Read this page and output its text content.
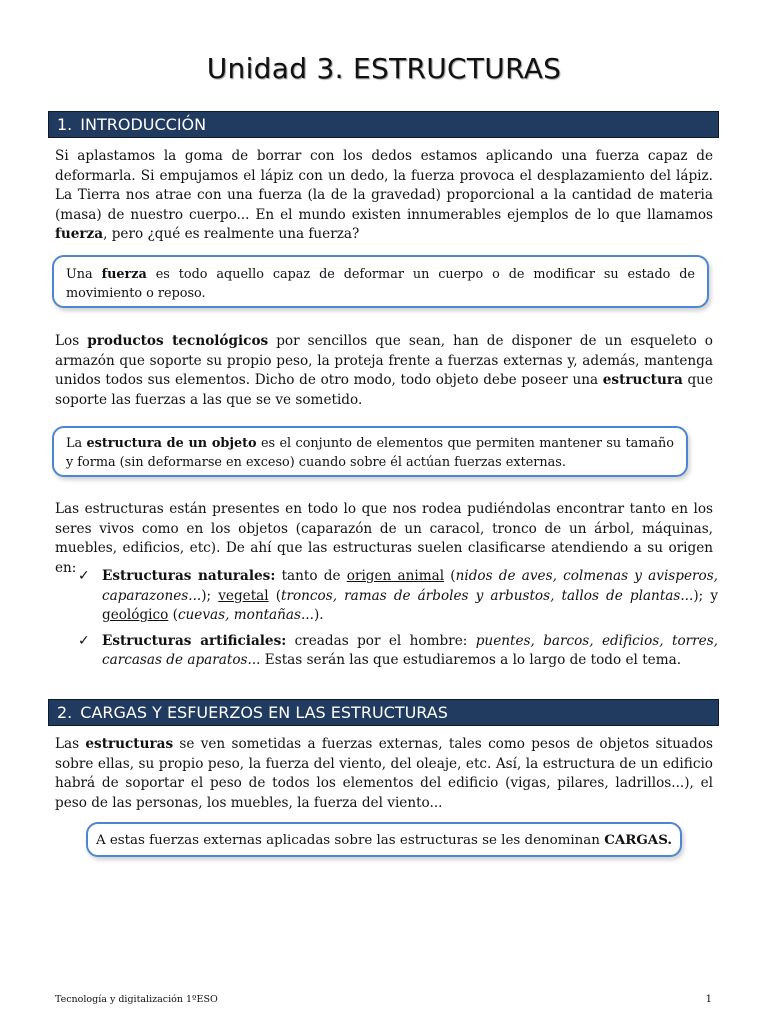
Unidad 3. ESTRUCTURAS
1. INTRODUCCIÓN
Si aplastamos la goma de borrar con los dedos estamos aplicando una fuerza capaz de deformarla. Si empujamos el lápiz con un dedo, la fuerza provoca el desplazamiento del lápiz. La Tierra nos atrae con una fuerza (la de la gravedad) proporcional a la cantidad de materia (masa) de nuestro cuerpo... En el mundo existen innumerables ejemplos de lo que llamamos fuerza, pero ¿qué es realmente una fuerza?
Una fuerza es todo aquello capaz de deformar un cuerpo o de modificar su estado de movimiento o reposo.
Los productos tecnológicos por sencillos que sean, han de disponer de un esqueleto o armazón que soporte su propio peso, la proteja frente a fuerzas externas y, además, mantenga unidos todos sus elementos. Dicho de otro modo, todo objeto debe poseer una estructura que soporte las fuerzas a las que se ve sometido.
La estructura de un objeto es el conjunto de elementos que permiten mantener su tamaño y forma (sin deformarse en exceso) cuando sobre él actúan fuerzas externas.
Las estructuras están presentes en todo lo que nos rodea pudiéndolas encontrar tanto en los seres vivos como en los objetos (caparazón de un caracol, tronco de un árbol, máquinas, muebles, edificios, etc). De ahí que las estructuras suelen clasificarse atendiendo a su origen en:
✓ Estructuras naturales: tanto de origen animal (nidos de aves, colmenas y avisperos, caparazones...); vegetal (troncos, ramas de árboles y arbustos, tallos de plantas...); y geológico (cuevas, montañas...).
✓ Estructuras artificiales: creadas por el hombre: puentes, barcos, edificios, torres, carcasas de aparatos... Estas serán las que estudiaremos a lo largo de todo el tema.
2. CARGAS Y ESFUERZOS EN LAS ESTRUCTURAS
Las estructuras se ven sometidas a fuerzas externas, tales como pesos de objetos situados sobre ellas, su propio peso, la fuerza del viento, del oleaje, etc. Así, la estructura de un edificio habrá de soportar el peso de todos los elementos del edificio (vigas, pilares, ladrillos...), el peso de las personas, los muebles, la fuerza del viento...
A estas fuerzas externas aplicadas sobre las estructuras se les denominan CARGAS.
Tecnología y digitalización 1ºESO	1
